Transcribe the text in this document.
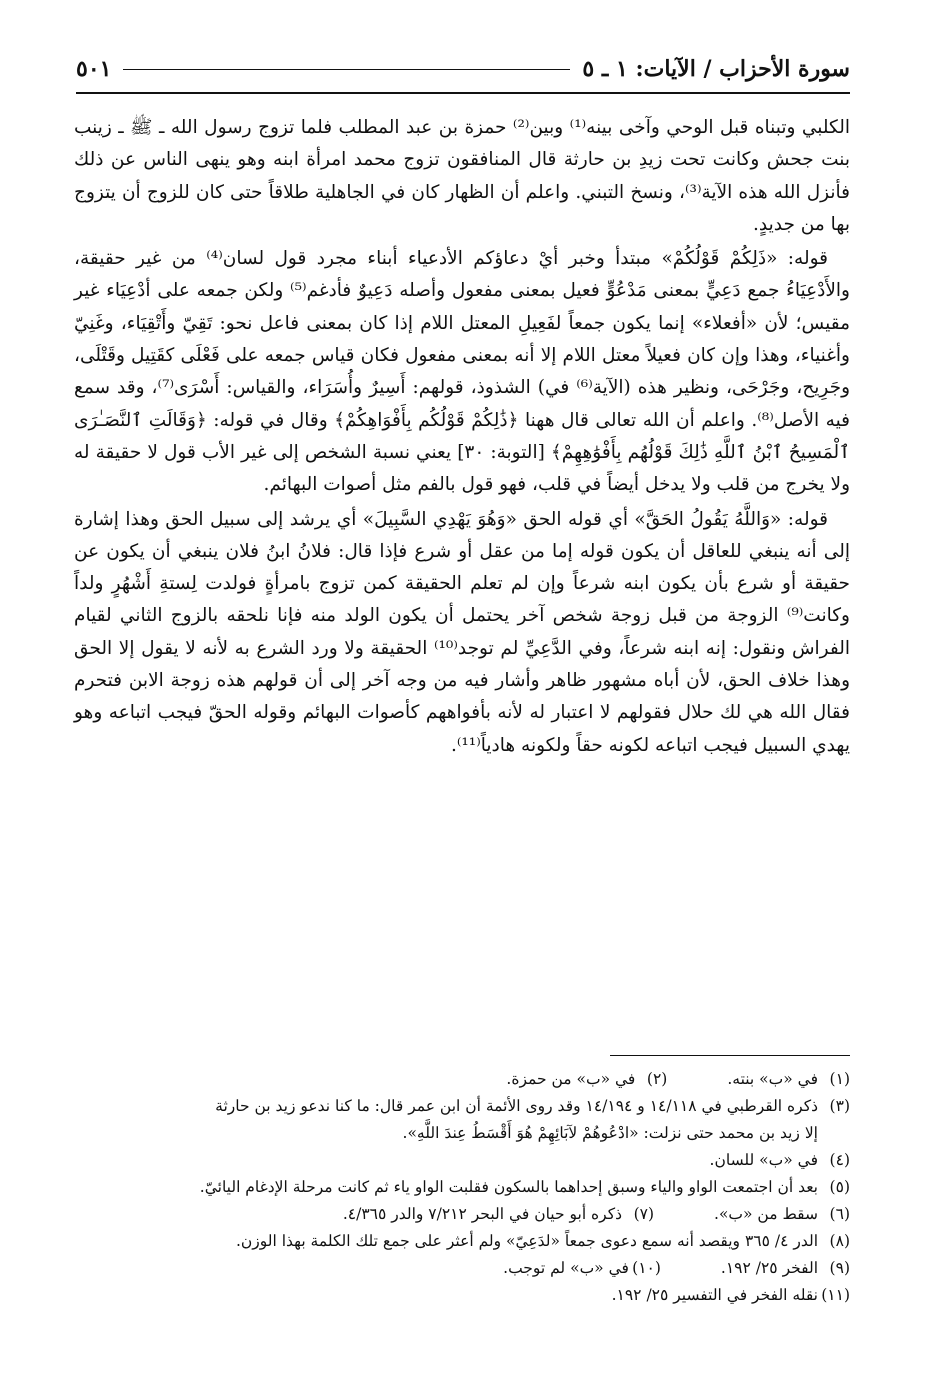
سورة الأحزاب / الآيات: ١ ـ ٥
٥٠١

الكلبي وتبناه قبل الوحي وآخى بينه⁽¹⁾ وبين⁽²⁾ حمزة بن عبد المطلب فلما تزوج رسول الله ـ ﷺ ـ زينب بنت جحش وكانت تحت زيدِ بن حارثة قال المنافقون تزوج محمد امرأة ابنه وهو ينهى الناس عن ذلك فأنزل الله هذه الآية⁽³⁾، ونسخ التبني. واعلم أن الظهار كان في الجاهلية طلاقاً حتى كان للزوج أن يتزوج بها من جديدٍ.

قوله: «ذَلِكُمْ قَوْلُكُمْ» مبتدأ وخبر أيْ دعاؤكم الأدعياء أبناء مجرد قول لسان⁽⁴⁾ من غير حقيقة، والأَدْعِيَاءُ جمع دَعِيٍّ بمعنى مَدْعُوٍّ فعيل بمعنى مفعول وأصله دَعِيوٌ فأدغم⁽⁵⁾ ولكن جمعه على أدْعِيَاء غير مقيس؛ لأن «أفعلاء» إنما يكون جمعاً لفَعِيلِ المعتل اللام إذا كان بمعنى فاعل نحو: تَقِيّ وأَتْقِيَاء، وغَنِيّ وأغنياء، وهذا وإن كان فعيلاً معتل اللام إلا أنه بمعنى مفعول فكان قياس جمعه على فَعْلَى كقَتِيل وقَتْلَى، وجَرِيح، وجَرْحَى، ونظير هذه (الآية⁽⁶⁾ في) الشذوذ، قولهم: أَسِيرٌ وأُسَرَاء، والقياس: أَسْرَى⁽⁷⁾، وقد سمع فيه الأصل⁽⁸⁾. واعلم أن الله تعالى قال ههنا ﴿ذَٰلِكُمْ قَوْلُكُم بِأَفْوَاهِكُمْ﴾ وقال في قوله: ﴿وَقَالَتِ ٱلنَّصَـٰرَى ٱلْمَسِيحُ ٱبْنُ ٱللَّهِ ذَٰلِكَ قَوْلُهُم بِأَفْوَٰهِهِمْ﴾ [التوبة: ٣٠] يعني نسبة الشخص إلى غير الأب قول لا حقيقة له ولا يخرج من قلب ولا يدخل أيضاً في قلب، فهو قول بالفم مثل أصوات البهائم.

قوله: «وَاللَّهُ يَقُولُ الحَقَّ» أي قوله الحق «وَهُوَ يَهْدِي السَّبِيلَ» أي يرشد إلى سبيل الحق وهذا إشارة إلى أنه ينبغي للعاقل أن يكون قوله إما من عقل أو شرع فإذا قال: فلانُ ابنُ فلان ينبغي أن يكون عن حقيقة أو شرع بأن يكون ابنه شرعاً وإن لم تعلم الحقيقة كمن تزوج بامرأةٍ فولدت لِستةِ أَشْهُرٍ ولداً وكانت⁽⁹⁾ الزوجة من قبل زوجة شخص آخر يحتمل أن يكون الولد منه فإنا نلحقه بالزوج الثاني لقيام الفراش ونقول: إنه ابنه شرعاً، وفي الدَّعِيِّ لم توجد⁽¹⁰⁾ الحقيقة ولا ورد الشرع به لأنه لا يقول إلا الحق وهذا خلاف الحق، لأن أباه مشهور ظاهر وأشار فيه من وجه آخر إلى أن قولهم هذه زوجة الابن فتحرم فقال الله هي لك حلال فقولهم لا اعتبار له لأنه بأفواههم كأصوات البهائم وقوله الحقّ فيجب اتباعه وهو يهدي السبيل فيجب اتباعه لكونه حقاً ولكونه هادياً⁽¹¹⁾.

(١)
في «ب» بنته.
(٢)
في «ب» من حمزة.
(٣)
ذكره القرطبي في ١٤/١١٨ و ١٤/١٩٤ وقد روى الأئمة أن ابن عمر قال: ما كنا ندعو زيد بن حارثة
إلا زيد بن محمد حتى نزلت: «ادْعُوهُمْ لآبَائِهِمْ هُوَ أَقْسَطُ عِندَ اللَّهِ».
(٤)
في «ب» للسان.
(٥)
بعد أن اجتمعت الواو والياء وسبق إحداهما بالسكون فقلبت الواو ياء ثم كانت مرحلة الإدغام اليائيّ.
(٦)
سقط من «ب».
(٧)
ذكره أبو حيان في البحر ٧/٢١٢ والدر ٤/٣٦٥.
(٨)
الدر ٤/ ٣٦٥ ويقصد أنه سمع دعوى جمعاً «لدَعِيّ» ولم أعثر على جمع تلك الكلمة بهذا الوزن.
(٩)
الفخر ٢٥/ ١٩٢.
(١٠)
في «ب» لم توجب.
(١١)
نقله الفخر في التفسير ٢٥/ ١٩٢.
